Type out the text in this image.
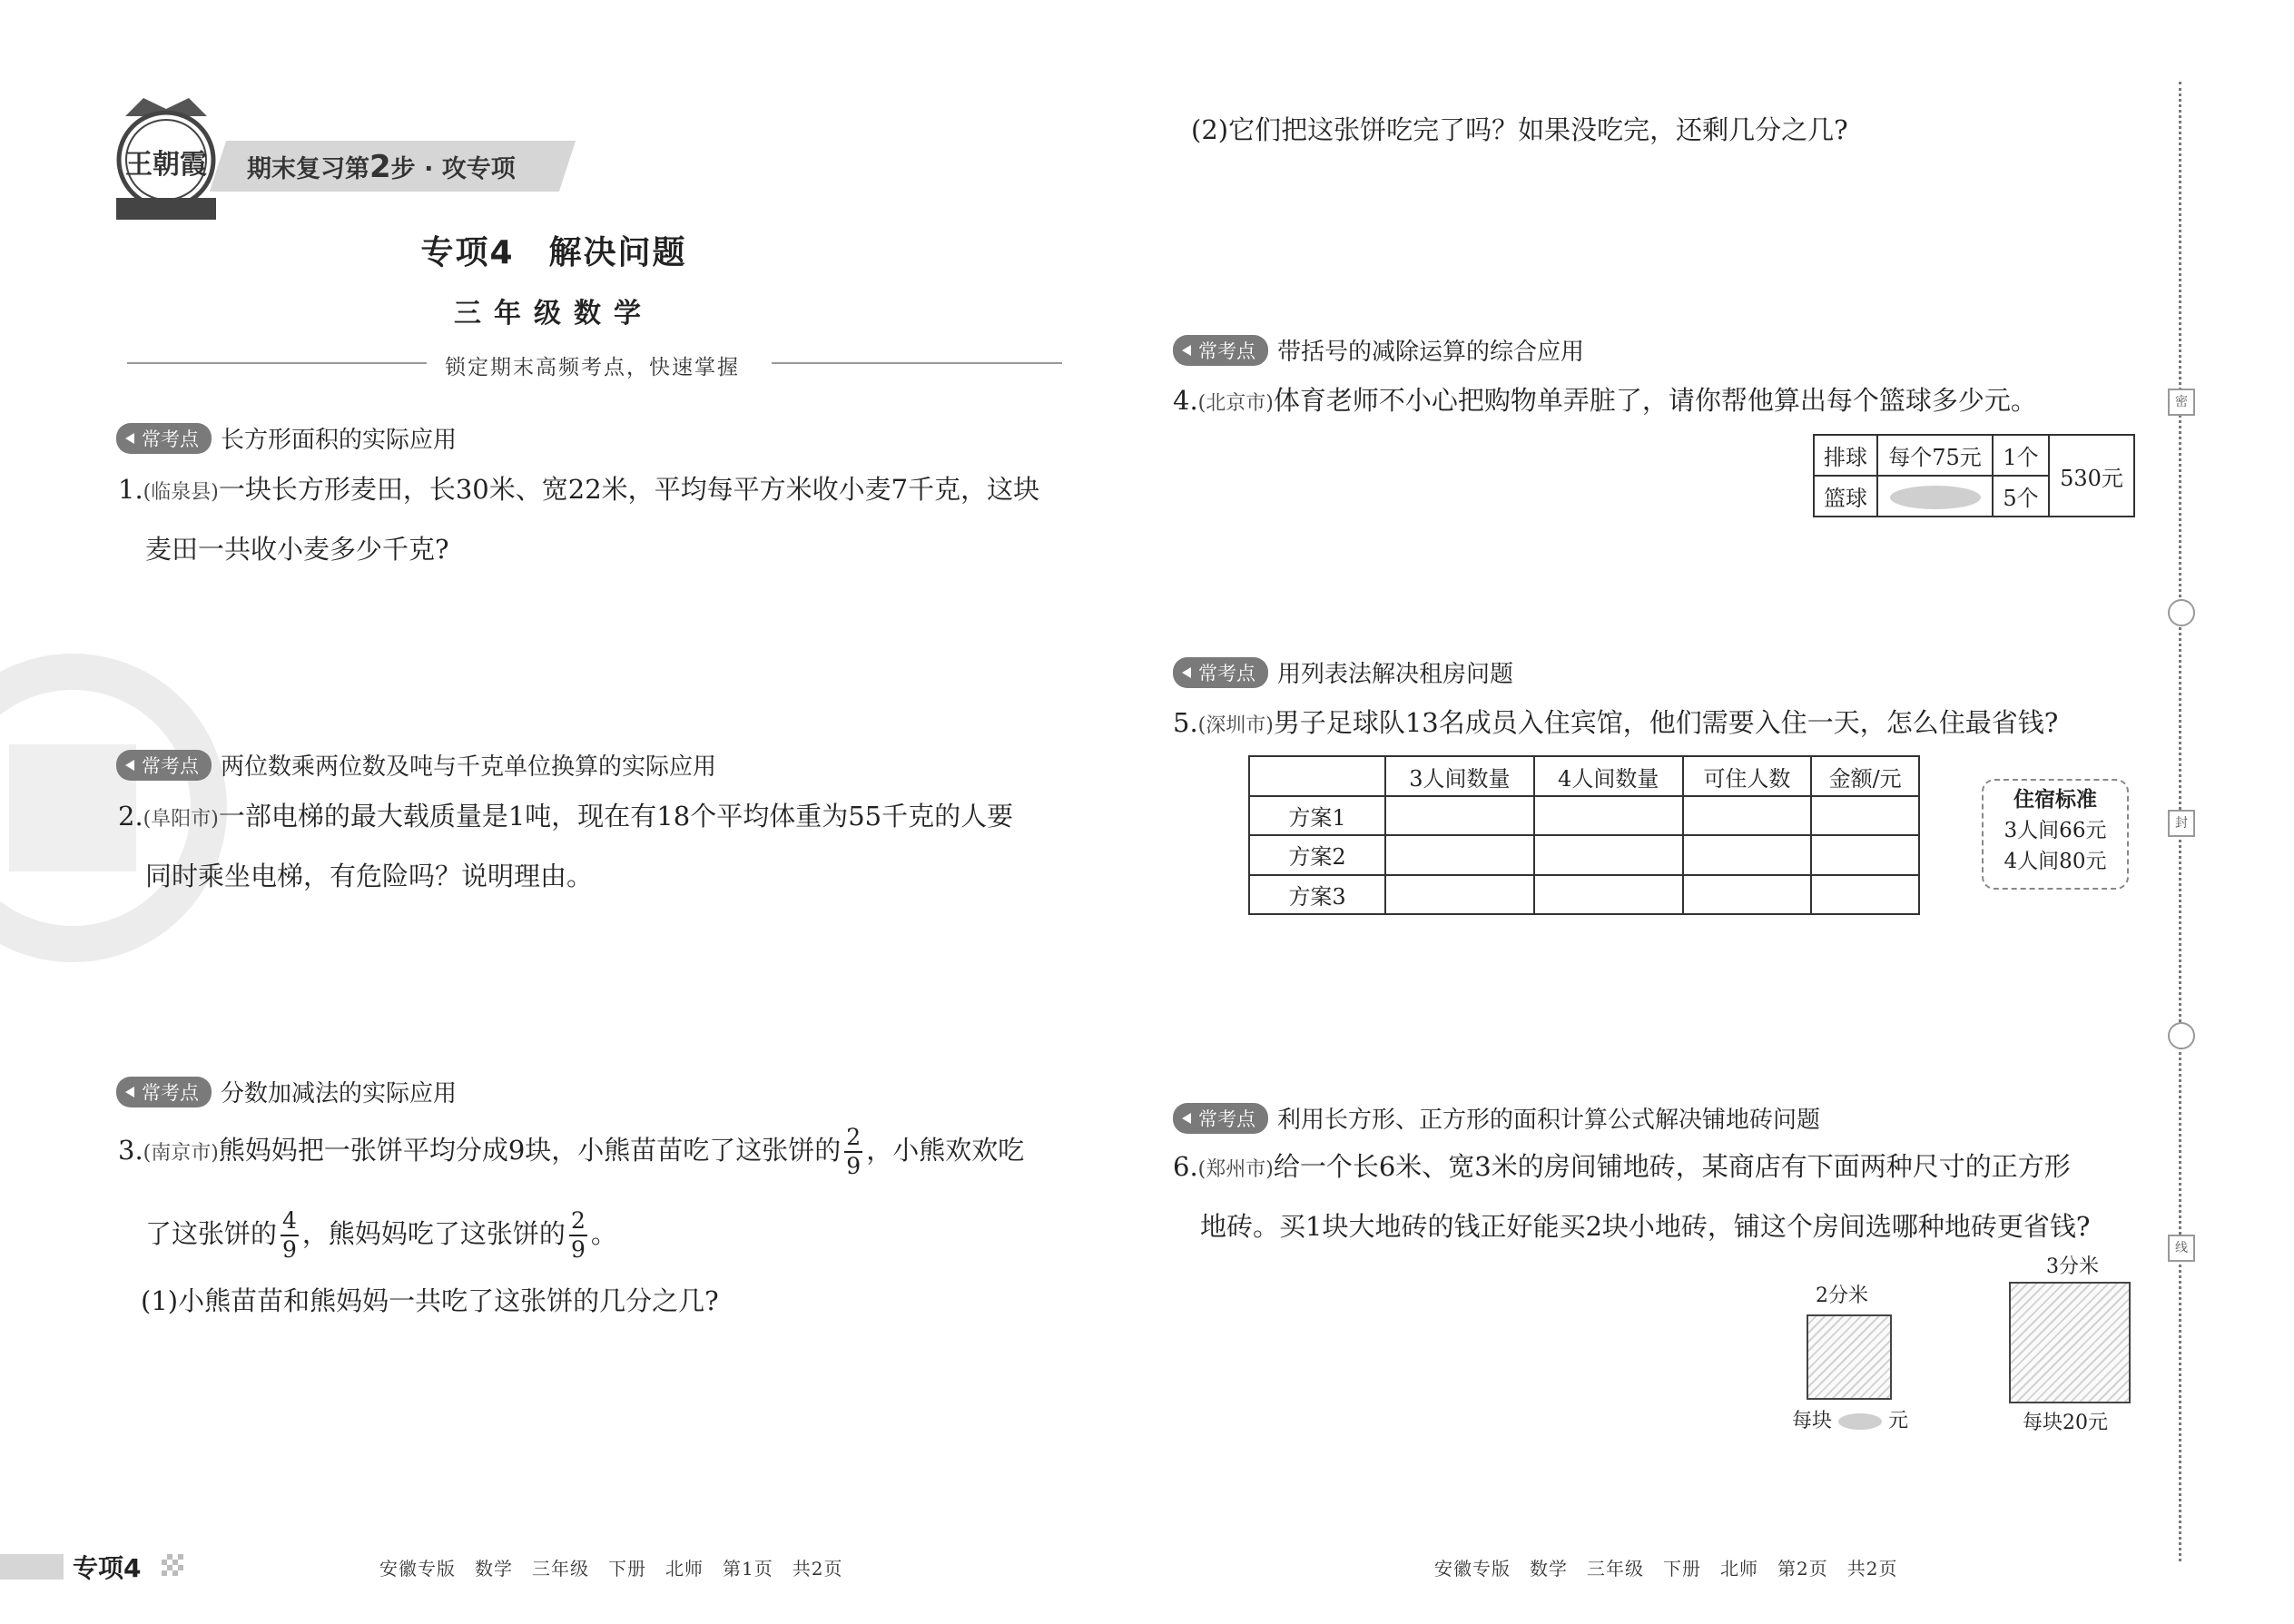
王朝霞 期末复习第2步 · 攻专项
专项4　解决问题
三年级数学
锁定期末高频考点，快速掌握
常考点 长方形面积的实际应用
1.(临泉县)一块长方形麦田，长30米、宽22米，平均每平方米收小麦7千克，这块
麦田一共收小麦多少千克?
常考点 两位数乘两位数及吨与千克单位换算的实际应用
2.(阜阳市)一部电梯的最大载质量是1吨，现在有18个平均体重为55千克的人要
同时乘坐电梯，有危险吗？说明理由。
常考点 分数加减法的实际应用
3.(南京市)熊妈妈把一张饼平均分成9块，小熊苗苗吃了这张饼的 $\frac{2}{9}$ ，小熊欢欢吃
了这张饼的 $\frac{4}{9}$ ，熊妈妈吃了这张饼的 $\frac{2}{9}$ 。
(1)小熊苗苗和熊妈妈一共吃了这张饼的几分之几?
(2)它们把这张饼吃完了吗？如果没吃完，还剩几分之几?
常考点 带括号的减除运算的综合应用
4.(北京市)体育老师不小心把购物单弄脏了，请你帮他算出每个篮球多少元。
排球	每个75元	1个	530元
篮球		5个	
常考点 用列表法解决租房问题
5.(深圳市)男子足球队13名成员入住宾馆，他们需要入住一天，怎么住最省钱?
	3人间数量	4人间数量	可住人数	金额/元
方案1				
方案2				
方案3				
住宿标准
3人间66元
4人间80元
常考点 利用长方形、正方形的面积计算公式解决铺地砖问题
6.(郑州市)给一个长6米、宽3米的房间铺地砖，某商店有下面两种尺寸的正方形
地砖。买1块大地砖的钱正好能买2块小地砖，铺这个房间选哪种地砖更省钱?
2分米
每块	元
3分米
每块20元
密
封
线
专项4	安徽专版　数学　三年级　下册　北师　第1页　共2页	安徽专版　数学　三年级　下册　北师　第2页　共2页
